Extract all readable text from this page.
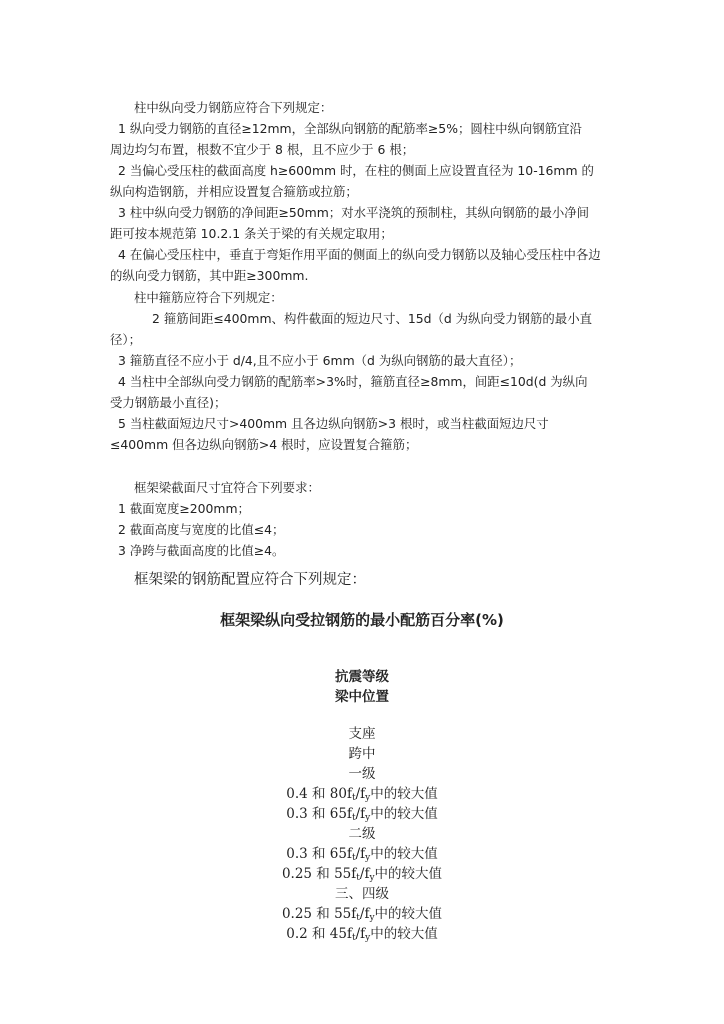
柱中纵向受力钢筋应符合下列规定：

1 纵向受力钢筋的直径≥12mm，全部纵向钢筋的配筋率≥5%；圆柱中纵向钢筋宜沿

周边均匀布置，根数不宜少于 8 根，且不应少于 6 根；

2 当偏心受压柱的截面高度 h≥600mm 时，在柱的侧面上应设置直径为 10-16mm 的

纵向构造钢筋，并相应设置复合箍筋或拉筋；

3 柱中纵向受力钢筋的净间距≥50mm；对水平浇筑的预制柱，其纵向钢筋的最小净间

距可按本规范第 10.2.1 条关于梁的有关规定取用；

4 在偏心受压柱中，垂直于弯矩作用平面的侧面上的纵向受力钢筋以及轴心受压柱中各边

的纵向受力钢筋，其中距≥300mm.

柱中箍筋应符合下列规定：

2 箍筋间距≤400mm、构件截面的短边尺寸、15d（d 为纵向受力钢筋的最小直

径）；

3 箍筋直径不应小于 d/4,且不应小于 6mm（d 为纵向钢筋的最大直径）；

4 当柱中全部纵向受力钢筋的配筋率>3%时，箍筋直径≥8mm，间距≤10d(d 为纵向

受力钢筋最小直径)；

5 当柱截面短边尺寸>400mm 且各边纵向钢筋>3 根时，或当柱截面短边尺寸

≤400mm 但各边纵向钢筋>4 根时，应设置复合箍筋；

框架梁截面尺寸宜符合下列要求：

1 截面宽度≥200mm；

2 截面高度与宽度的比值≤4；

3 净跨与截面高度的比值≥4。

框架梁的钢筋配置应符合下列规定：

框架梁纵向受拉钢筋的最小配筋百分率(%)
抗震等级
梁中位置
支座
跨中
一级
0.4 和 $80f_t/f_y$中的较大值
0.3 和 $65f_t/f_y$中的较大值
二级
0.3 和 $65f_t/f_y$中的较大值
0.25 和 $55f_t/f_y$中的较大值
三、四级
0.25 和 $55f_t/f_y$中的较大值
0.2 和 $45f_t/f_y$中的较大值
